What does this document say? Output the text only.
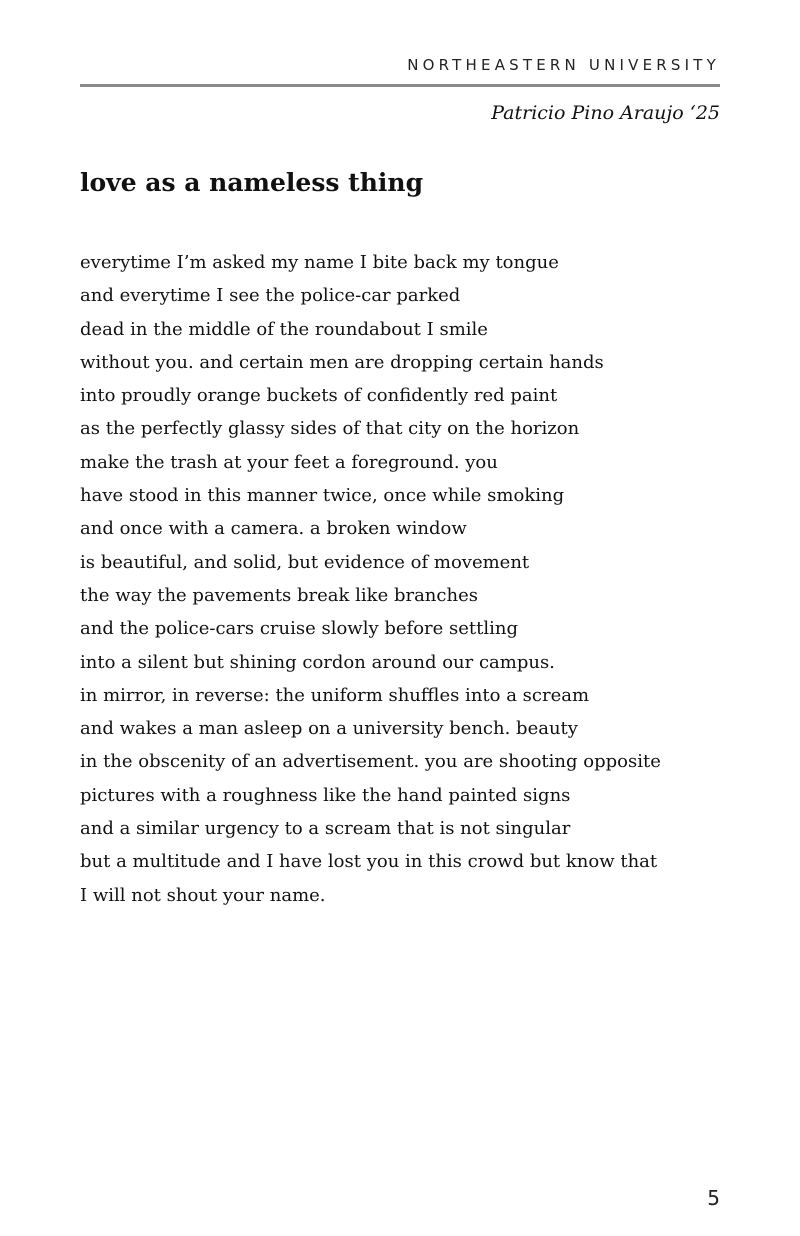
NORTHEASTERN UNIVERSITY
Patricio Pino Araujo ‘25
love as a nameless thing
everytime I’m asked my name I bite back my tongue
and everytime I see the police-car parked
dead in the middle of the roundabout I smile
without you. and certain men are dropping certain hands
into proudly orange buckets of confidently red paint
as the perfectly glassy sides of that city on the horizon
make the trash at your feet a foreground. you
have stood in this manner twice, once while smoking
and once with a camera. a broken window
is beautiful, and solid, but evidence of movement
the way the pavements break like branches
and the police-cars cruise slowly before settling
into a silent but shining cordon around our campus.
in mirror, in reverse: the uniform shuffles into a scream
and wakes a man asleep on a university bench. beauty
in the obscenity of an advertisement. you are shooting opposite
pictures with a roughness like the hand painted signs
and a similar urgency to a scream that is not singular
but a multitude and I have lost you in this crowd but know that
I will not shout your name.
5
